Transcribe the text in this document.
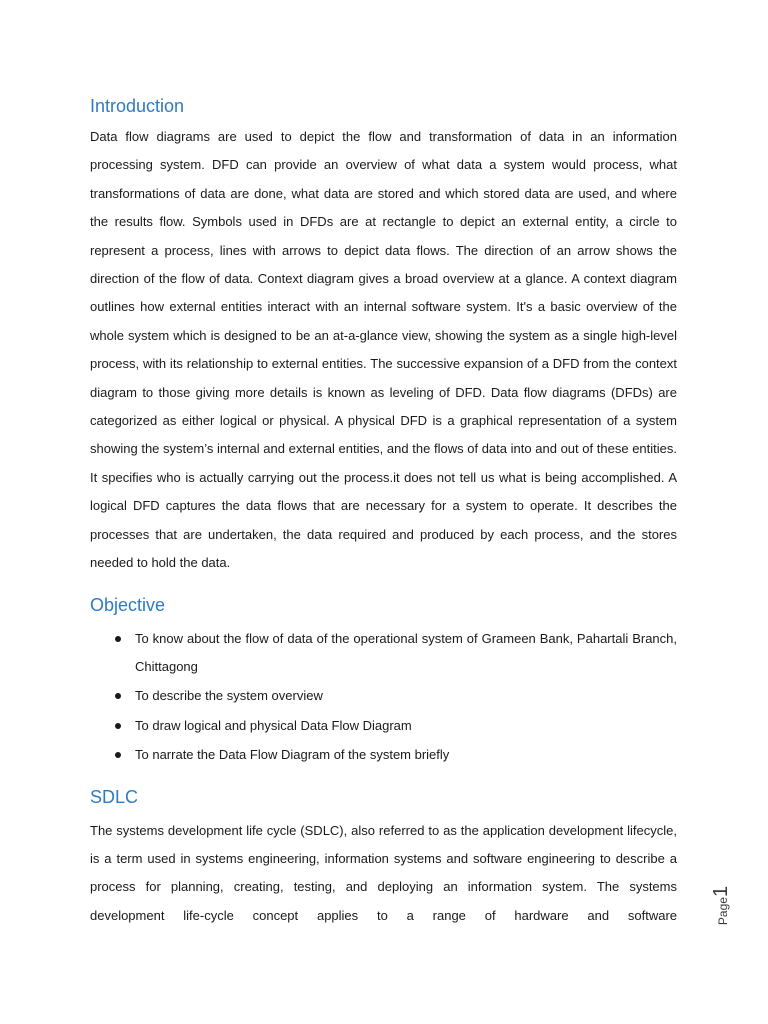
Introduction

Data flow diagrams are used to depict the flow and transformation of data in an information processing system. DFD can provide an overview of what data a system would process, what transformations of data are done, what data are stored and which stored data are used, and where the results flow. Symbols used in DFDs are at rectangle to depict an external entity, a circle to represent a process, lines with arrows to depict data flows. The direction of an arrow shows the direction of the flow of data. Context diagram gives a broad overview at a glance. A context diagram outlines how external entities interact with an internal software system. It's a basic overview of the whole system which is designed to be an at-a-glance view, showing the system as a single high-level process, with its relationship to external entities. The successive expansion of a DFD from the context diagram to those giving more details is known as leveling of DFD. Data flow diagrams (DFDs) are categorized as either logical or physical. A physical DFD is a graphical representation of a system showing the system’s internal and external entities, and the flows of data into and out of these entities. It specifies who is actually carrying out the process.it does not tell us what is being accomplished. A logical DFD captures the data flows that are necessary for a system to operate. It describes the processes that are undertaken, the data required and produced by each process, and the stores needed to hold the data.

Objective
To know about the flow of data of the operational system of Grameen Bank, Pahartali Branch, Chittagong
To describe the system overview
To draw logical and physical Data Flow Diagram
To narrate the Data Flow Diagram of the system briefly
SDLC

The systems development life cycle (SDLC), also referred to as the application development lifecycle, is a term used in systems engineering, information systems and software engineering to describe a process for planning, creating, testing, and deploying an information system. The systems development life-cycle concept applies to a range of hardware and software	Page1
